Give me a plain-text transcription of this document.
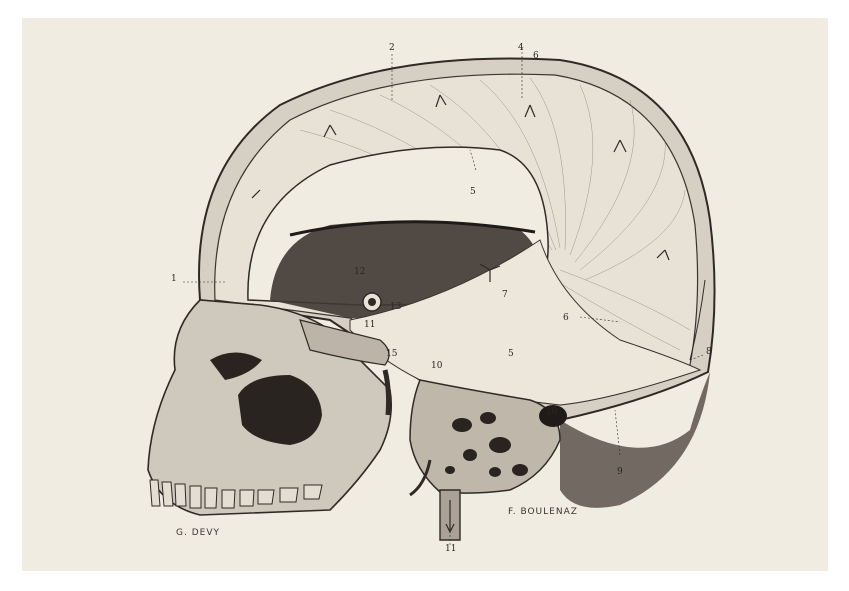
1
2	4
6
5
12
13
7
11
6
8
10
5
10
9
11
15
G. DEVY
F. BOULENAZ
